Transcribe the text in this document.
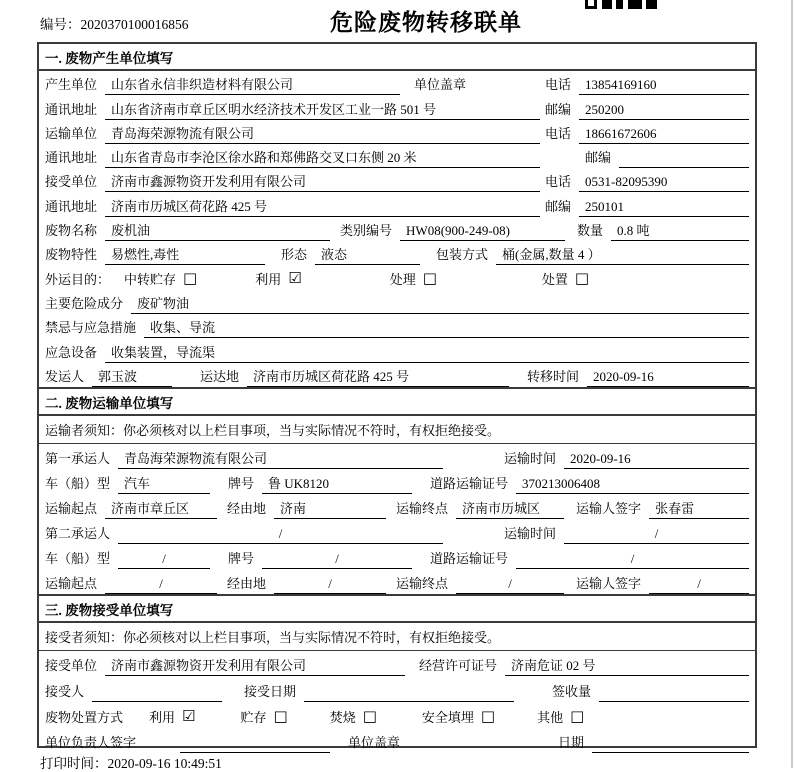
编号：2020370100016856	危险废物转移联单
一. 废物产生单位填写
产生单位	山东省永信非织造材料有限公司	单位盖章	电话	13854169160
通讯地址	山东省济南市章丘区明水经济技术开发区工业一路 501 号	邮编	250200
运输单位	青岛海荣源物流有限公司	电话	18661672606
通讯地址	山东省青岛市李沧区徐水路和郑佛路交叉口东侧 20 米	邮编
接受单位	济南市鑫源物资开发利用有限公司	电话	0531-82095390
通讯地址	济南市历城区荷花路 425 号	邮编	250101
废物名称	废机油	类别编号	HW08(900-249-08)	数量	0.8 吨
废物特性	易燃性,毒性	形态	液态	包装方式	桶(金属,数量 4 ）
外运目的： 中转贮存 □	利用 ☑	处理 □	处置 □
主要危险成分	废矿物油
禁忌与应急措施	收集、导流
应急设备	收集装置，导流渠
发运人	郭玉波	运达地	济南市历城区荷花路 425 号	转移时间	2020-09-16
二. 废物运输单位填写
运输者须知：你必须核对以上栏目事项，当与实际情况不符时，有权拒绝接受。
第一承运人	青岛海荣源物流有限公司	运输时间	2020-09-16
车（船）型	汽车	牌号	鲁 UK8120	道路运输证号	370213006408
运输起点	济南市章丘区	经由地	济南	运输终点	济南市历城区	运输人签字	张春雷
第二承运人	/	运输时间	/
车（船）型	/	牌号	/	道路运输证号	/
运输起点	/	经由地	/	运输终点	/	运输人签字	/
三. 废物接受单位填写
接受者须知：你必须核对以上栏目事项，当与实际情况不符时，有权拒绝接受。
接受单位	济南市鑫源物资开发利用有限公司	经营许可证号	济南危证 02 号
接受人	接受日期	签收量
废物处置方式 利用 ☑	贮存 □	焚烧 □	安全填埋 □	其他 □
单位负责人签字	单位盖章	日期
打印时间：2020-09-16 10:49:51
